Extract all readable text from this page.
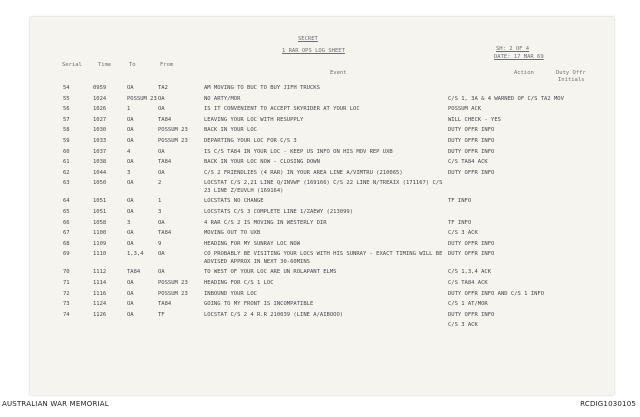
SECRET
1 RAR OPS LOG SHEET	SH: 2 OF 4
DATE: 17 MAR 69
Serial	Time	To	From
Event	Action	Duty Offr
Initials
54	0959	OA	TA2	AM MOVING TO BUC TO BUY JIFH TRUCKS
55	1024	POSSUM 23 OA	NO ARTY/MOR	C/S 1, 3A & 4 WARNED OF C/S TA2 MOV
56	1026	1	OA	IS IT CONVENIENT TO ACCEPT SKYRIDER AT YOUR LOC	POSSUM ACK
57	1027	OA	TA84	LEAVING YOUR LOC WITH RESUPPLY	WILL CHECK - YES
58	1030	OA	POSSUM 23	BACK IN YOUR LOC	DUTY OFFR INFO
59	1033	OA	POSSUM 23	DEPARTING YOUR LOC FOR C/S 3	DUTY OFFR INFO
60	1037	4	OA	IS C/S TA84 IN YOUR LOC - KEEP US INFO ON HIS MOV REP UXB	DUTY OFFR INFO
61	1038	OA	TA84	BACK IN YOUR LOC NOW - CLOSING DOWN	C/S TA84 ACK
62	1044	3	OA	C/S 2 FRIENDLIES (4 RAR) IN YOUR AREA LINE A/VIMTRU (210065)	DUTY OFFR INFO
63	1050	OA	2	LOCSTAT C/S 2,21 LINE Q/INVWF (169166) C/S 22 LINE N/TREAIX (171167) C/S 23 LINE Z/EUVLH (169164)
64	1051	OA	1	LOCSTATS NO CHANGE	TF INFO
65	1051	OA	3	LOCSTATS C/S 3 COMPLETE LINE 1/ZAEWY (213099)
66	1058	3	OA	4 RAR C/S 2 IS MOVING IN WESTERLY DIR	TF INFO
67	1100	OA	TA84	MOVING OUT TO UXB	C/S 3 ACK
68	1109	OA	9	HEADING FOR MY SUNRAY LOC NOW	DUTY OFFR INFO
69	1110	1,3,4	OA	CO PROBABLY BE VISITING YOUR LOCS WITH HIS SUNRAY - EXACT TIMING WILL BE ADVISED APPROX IN NEXT 30-60MINS
DUTY OFFR INFO
70	1112	TA84	OA	TO WEST OF YOUR LOC ARE UN ROLAPANT ELMS	C/S 1,3,4 ACK
71	1114	OA	POSSUM 23	HEADING FOR C/S 1 LOC	C/S TA84 ACK
72	1116	OA	POSSUM 23	INBOUND YOUR LOC	DUTY OFFR INFO AND C/S 1 INFO
73	1124	OA	TA84	GOING TO MY FRONT IS INCOMPATIBLE	C/S 1 AT/MOR
74	1126	OA	TF	LOCSTAT C/S 2 4 R.R 210039 (LINE A/AIBOOO)	DUTY OFFR INFO
C/S 3 ACK
AUSTRALIAN WAR MEMORIAL	RCDIG1030105
